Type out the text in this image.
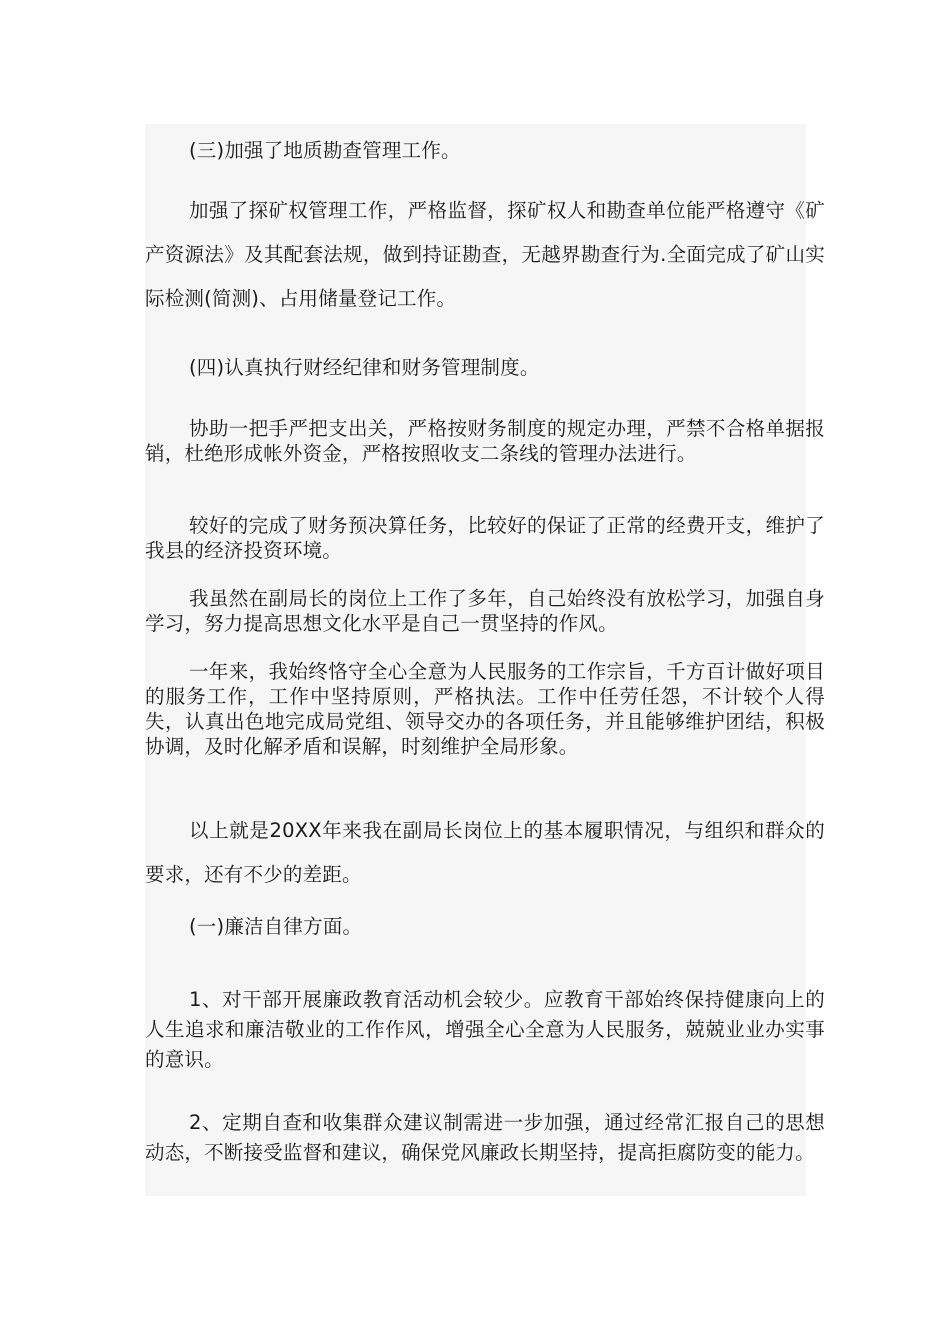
(三)加强了地质勘查管理工作。

加强了探矿权管理工作，严格监督，探矿权人和勘查单位能严格遵守《矿产资源法》及其配套法规，做到持证勘查，无越界勘查行为.全面完成了矿山实际检测(简测)、占用储量登记工作。

(四)认真执行财经纪律和财务管理制度。

协助一把手严把支出关，严格按财务制度的规定办理，严禁不合格单据报销，杜绝形成帐外资金，严格按照收支二条线的管理办法进行。

较好的完成了财务预决算任务，比较好的保证了正常的经费开支，维护了我县的经济投资环境。

我虽然在副局长的岗位上工作了多年，自己始终没有放松学习，加强自身学习，努力提高思想文化水平是自己一贯坚持的作风。

一年来，我始终恪守全心全意为人民服务的工作宗旨，千方百计做好项目的服务工作，工作中坚持原则，严格执法。工作中任劳任怨，不计较个人得失，认真出色地完成局党组、领导交办的各项任务，并且能够维护团结，积极协调，及时化解矛盾和误解，时刻维护全局形象。

以上就是20XX年来我在副局长岗位上的基本履职情况，与组织和群众的要求，还有不少的差距。

(一)廉洁自律方面。

1、对干部开展廉政教育活动机会较少。应教育干部始终保持健康向上的人生追求和廉洁敬业的工作作风，增强全心全意为人民服务，兢兢业业办实事的意识。

2、定期自查和收集群众建议制需进一步加强，通过经常汇报自己的思想动态，不断接受监督和建议，确保党风廉政长期坚持，提高拒腐防变的能力。
